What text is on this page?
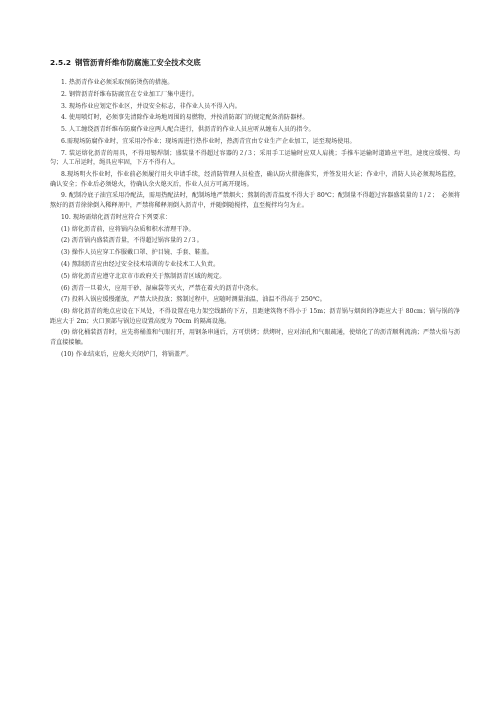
2.5.2 钢管沥青纤维布防腐施工安全技术交底

1. 热沥青作业必须采取预防烫伤的措施。

2. 钢管沥青纤维布防腐宜在专业加工厂集中进行。

3. 现场作业应划定作业区，并设安全标志，非作业人员不得入内。

4. 使用喷灯时，必须事先清除作业场地周围的易燃物，并按消防部门的规定配备消防器材。

5. 人工缠绕沥青纤维布防腐作业应两人配合进行，供沥青的作业人员应听从缠布人员的指令。

6.需现场防腐作业时，宜采用冷作业；现场需进行热作业时，热沥青宜由专业生产企业加工，运至现场使用。

7. 装运熔化沥青的用具，不得用锡焊制；盛装量不得超过容器的２/３；采用手工运输时应双人肩挑；手推车运输时道路应平坦，速度应缓慢、均匀；人工吊运时，绳具应牢固，下方不得有人。

8.现场明火作业时，作业前必须履行用火申请手续，经消防管理人员检查，确认防火措施落实，并签发用火证；作业中，消防人员必须现场监控，确认安全；作业后必须熄火，待确认余火熄灭后，作业人员方可离开现场。

9. 配制冷底子油宜采用冷配法，需用热配法时，配制场地严禁烟火；熬制的沥青温度不得大于 80℃；配制量不得超过容器盛装量的１/２；　必须将熬好的沥青徐徐倒入稀释剂中，严禁将稀释剂倒入沥青中，并随倒随搅拌，直至搅拌均匀为止。

10. 现场需熔化沥青时应符合下列要求：

(1) 熔化沥青前，应将锅内杂质和积水清理干净。

(2) 沥青锅内盛装沥青量，不得超过锅容量的２/３。

(3) 操作人员应穿工作服戴口罩、护目镜、手套、鞋盖。

(4) 熬制沥青应由经过安全技术培训的专业技术工人负责。

(5) 熔化沥青应遵守北京市市政府关于熬制沥青区域的规定。

(6) 沥青一旦着火，应用干砂、湿麻袋等灭火，严禁在着火的沥青中浇水。

(7) 投料入锅应缓慢灌放，严禁大块投放；熬制过程中，应随时测量油温，油温不得高于 250℃。

(8) 熔化沥青的地点应设在下风处，不得设置在电力架空线路的下方，且距建筑物不得小于 15m；沥青锅与烟囱的净距应大于 80cm；锅与锅的净距应大于 2m；火口顶部与锅边应设置高度为 70cm 的隔离设施。

(9) 熔化桶装沥青时，应先将桶盖和气眼打开，用钢条串通后，方可烘烤；烘烤时，应对油孔和气眼疏通，使熔化了的沥青顺利流淌；严禁火焰与沥青直接接触。

(10) 作业结束后，应熄火关闭炉门，将锅盖严。
